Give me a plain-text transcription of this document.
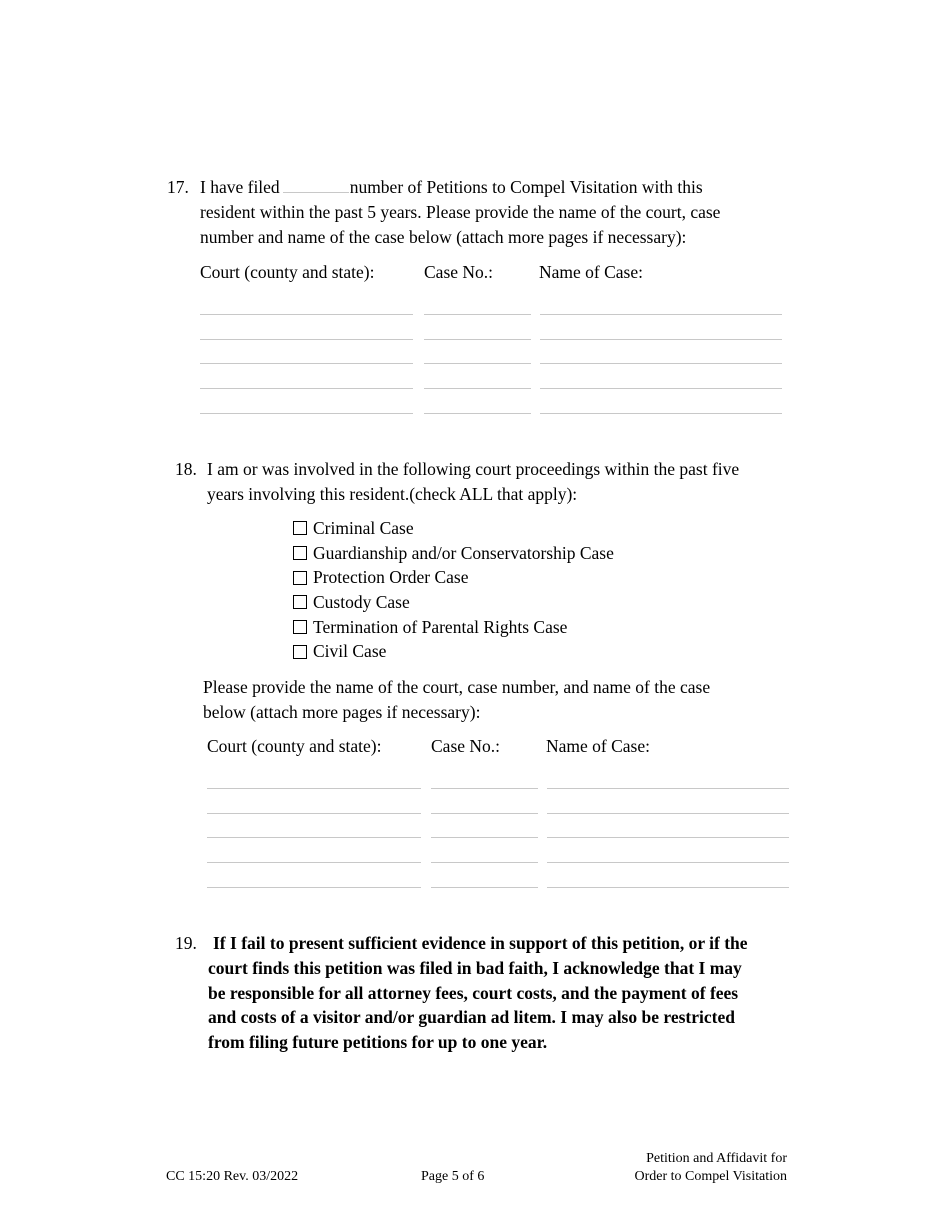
17. I have filed	number of Petitions to Compel Visitation with this

resident within the past 5 years. Please provide the name of the court, case

number and name of the case below (attach more pages if necessary):

Court (county and state):	Case No.:	Name of Case:
18. I am or was involved in the following court proceedings within the past five

years involving this resident.(check ALL that apply):

Criminal Case
Guardianship and/or Conservatorship Case
Protection Order Case
Custody Case
Termination of Parental Rights Case
Civil Case

Please provide the name of the court, case number, and name of the case

below (attach more pages if necessary):

Court (county and state):	Case No.:	Name of Case:
19. If I fail to present sufficient evidence in support of this petition, or if the

court finds this petition was filed in bad faith, I acknowledge that I may

be responsible for all attorney fees, court costs, and the payment of fees

and costs of a visitor and/or guardian ad litem. I may also be restricted

from filing future petitions for up to one year.

CC 15:20 Rev. 03/2022	Page 5 of 6
Petition and Affidavit for
Order to Compel Visitation
